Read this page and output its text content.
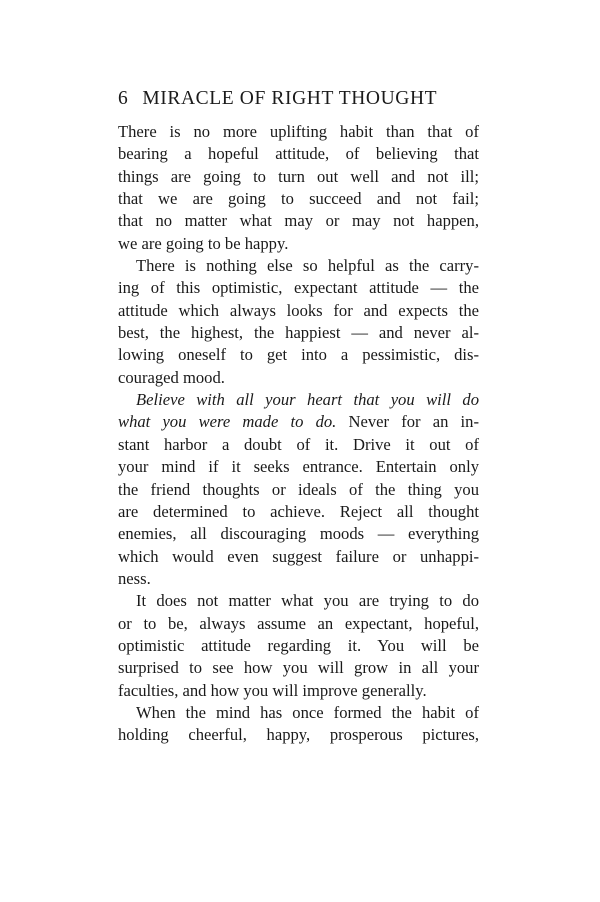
6 MIRACLE OF RIGHT THOUGHT
There is no more uplifting habit than that of
bearing a hopeful attitude, of believing that
things are going to turn out well and not ill;
that we are going to succeed and not fail;
that no matter what may or may not happen,
we are going to be happy.
There is nothing else so helpful as the carry-
ing of this optimistic, expectant attitude — the
attitude which always looks for and expects the
best, the highest, the happiest — and never al-
lowing oneself to get into a pessimistic, dis-
couraged mood.
Believe with all your heart that you will do
what you were made to do. Never for an in-
stant harbor a doubt of it. Drive it out of
your mind if it seeks entrance. Entertain only
the friend thoughts or ideals of the thing you
are determined to achieve. Reject all thought
enemies, all discouraging moods — everything
which would even suggest failure or unhappi-
ness.
It does not matter what you are trying to do
or to be, always assume an expectant, hopeful,
optimistic attitude regarding it. You will be
surprised to see how you will grow in all your
faculties, and how you will improve generally.
When the mind has once formed the habit of
holding cheerful, happy, prosperous pictures,
